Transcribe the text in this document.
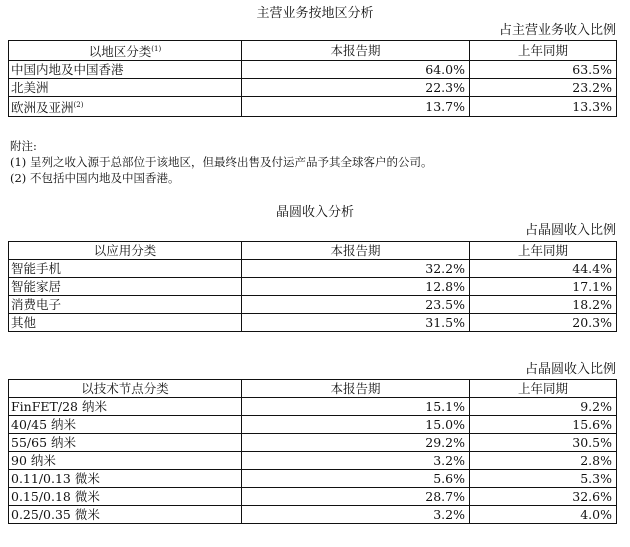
主营业务按地区分析
占主营业务收入比例
以地区分类$^{(1)}$	本报告期	上年同期
中国内地及中国香港	64.0%	63.5%
北美洲	22.3%	23.2%
欧洲及亚洲$^{(2)}$	13.7%	13.3%
附注:
(1) 呈列之收入源于总部位于该地区，但最终出售及付运产品予其全球客户的公司。
(2) 不包括中国内地及中国香港。
晶圆收入分析
占晶圆收入比例
以应用分类	本报告期	上年同期
智能手机	32.2%	44.4%
智能家居	12.8%	17.1%
消费电子	23.5%	18.2%
其他	31.5%	20.3%
占晶圆收入比例
以技术节点分类	本报告期	上年同期
FinFET/28 纳米	15.1%	9.2%
40/45 纳米	15.0%	15.6%
55/65 纳米	29.2%	30.5%
90 纳米	3.2%	2.8%
0.11/0.13 微米	5.6%	5.3%
0.15/0.18 微米	28.7%	32.6%
0.25/0.35 微米	3.2%	4.0%
